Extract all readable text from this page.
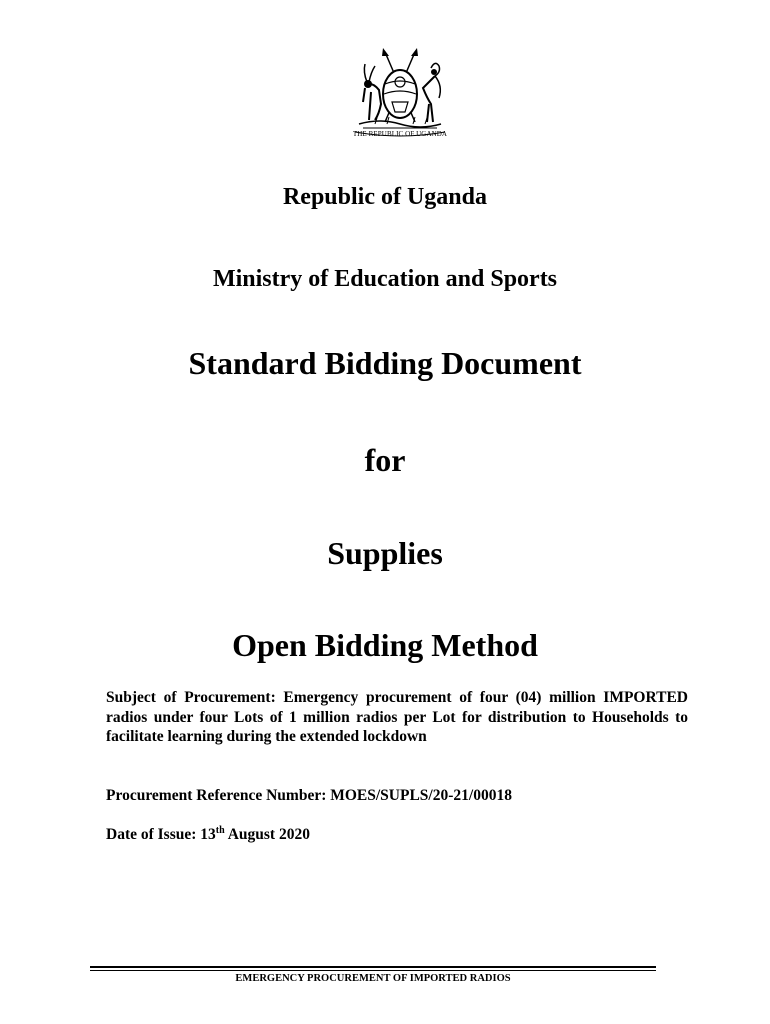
THE REPUBLIC OF UGANDA
Republic of Uganda
Ministry of Education and Sports
Standard Bidding Document
for
Supplies
Open Bidding Method
Subject of Procurement: Emergency procurement of four (04) million IMPORTED radios under four Lots of 1 million radios per Lot for distribution to Households to facilitate learning during the extended lockdown
Procurement Reference Number: MOES/SUPLS/20-21/00018
Date of Issue: 13th August 2020
EMERGENCY PROCUREMENT OF IMPORTED RADIOS
